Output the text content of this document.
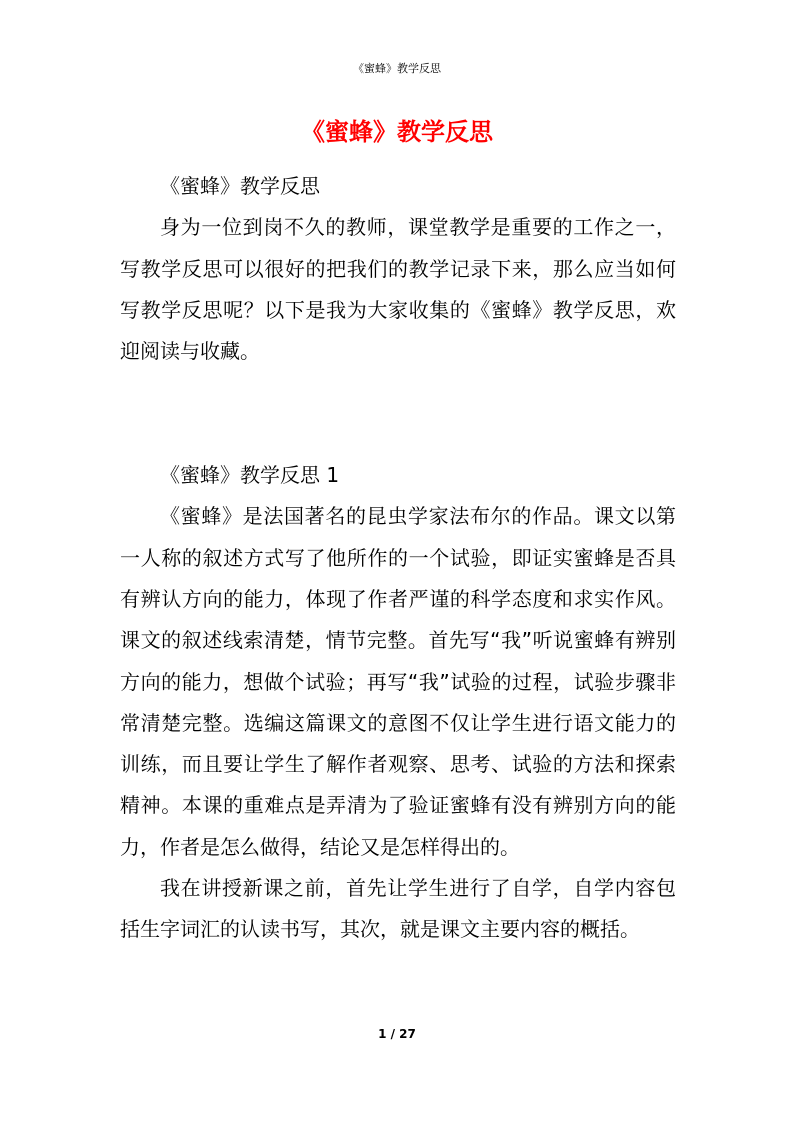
《蜜蜂》教学反思
《蜜蜂》教学反思

《蜜蜂》教学反思

身为一位到岗不久的教师，课堂教学是重要的工作之一，写教学反思可以很好的把我们的教学记录下来，那么应当如何写教学反思呢？以下是我为大家收集的《蜜蜂》教学反思，欢迎阅读与收藏。

《蜜蜂》教学反思 1

《蜜蜂》是法国著名的昆虫学家法布尔的作品。课文以第一人称的叙述方式写了他所作的一个试验，即证实蜜蜂是否具有辨认方向的能力，体现了作者严谨的科学态度和求实作风。课文的叙述线索清楚，情节完整。首先写“我”听说蜜蜂有辨别方向的能力，想做个试验；再写“我”试验的过程，试验步骤非常清楚完整。选编这篇课文的意图不仅让学生进行语文能力的训练，而且要让学生了解作者观察、思考、试验的方法和探索精神。本课的重难点是弄清为了验证蜜蜂有没有辨别方向的能力，作者是怎么做得，结论又是怎样得出的。

我在讲授新课之前，首先让学生进行了自学，自学内容包括生字词汇的认读书写，其次，就是课文主要内容的概括。

1 / 27
